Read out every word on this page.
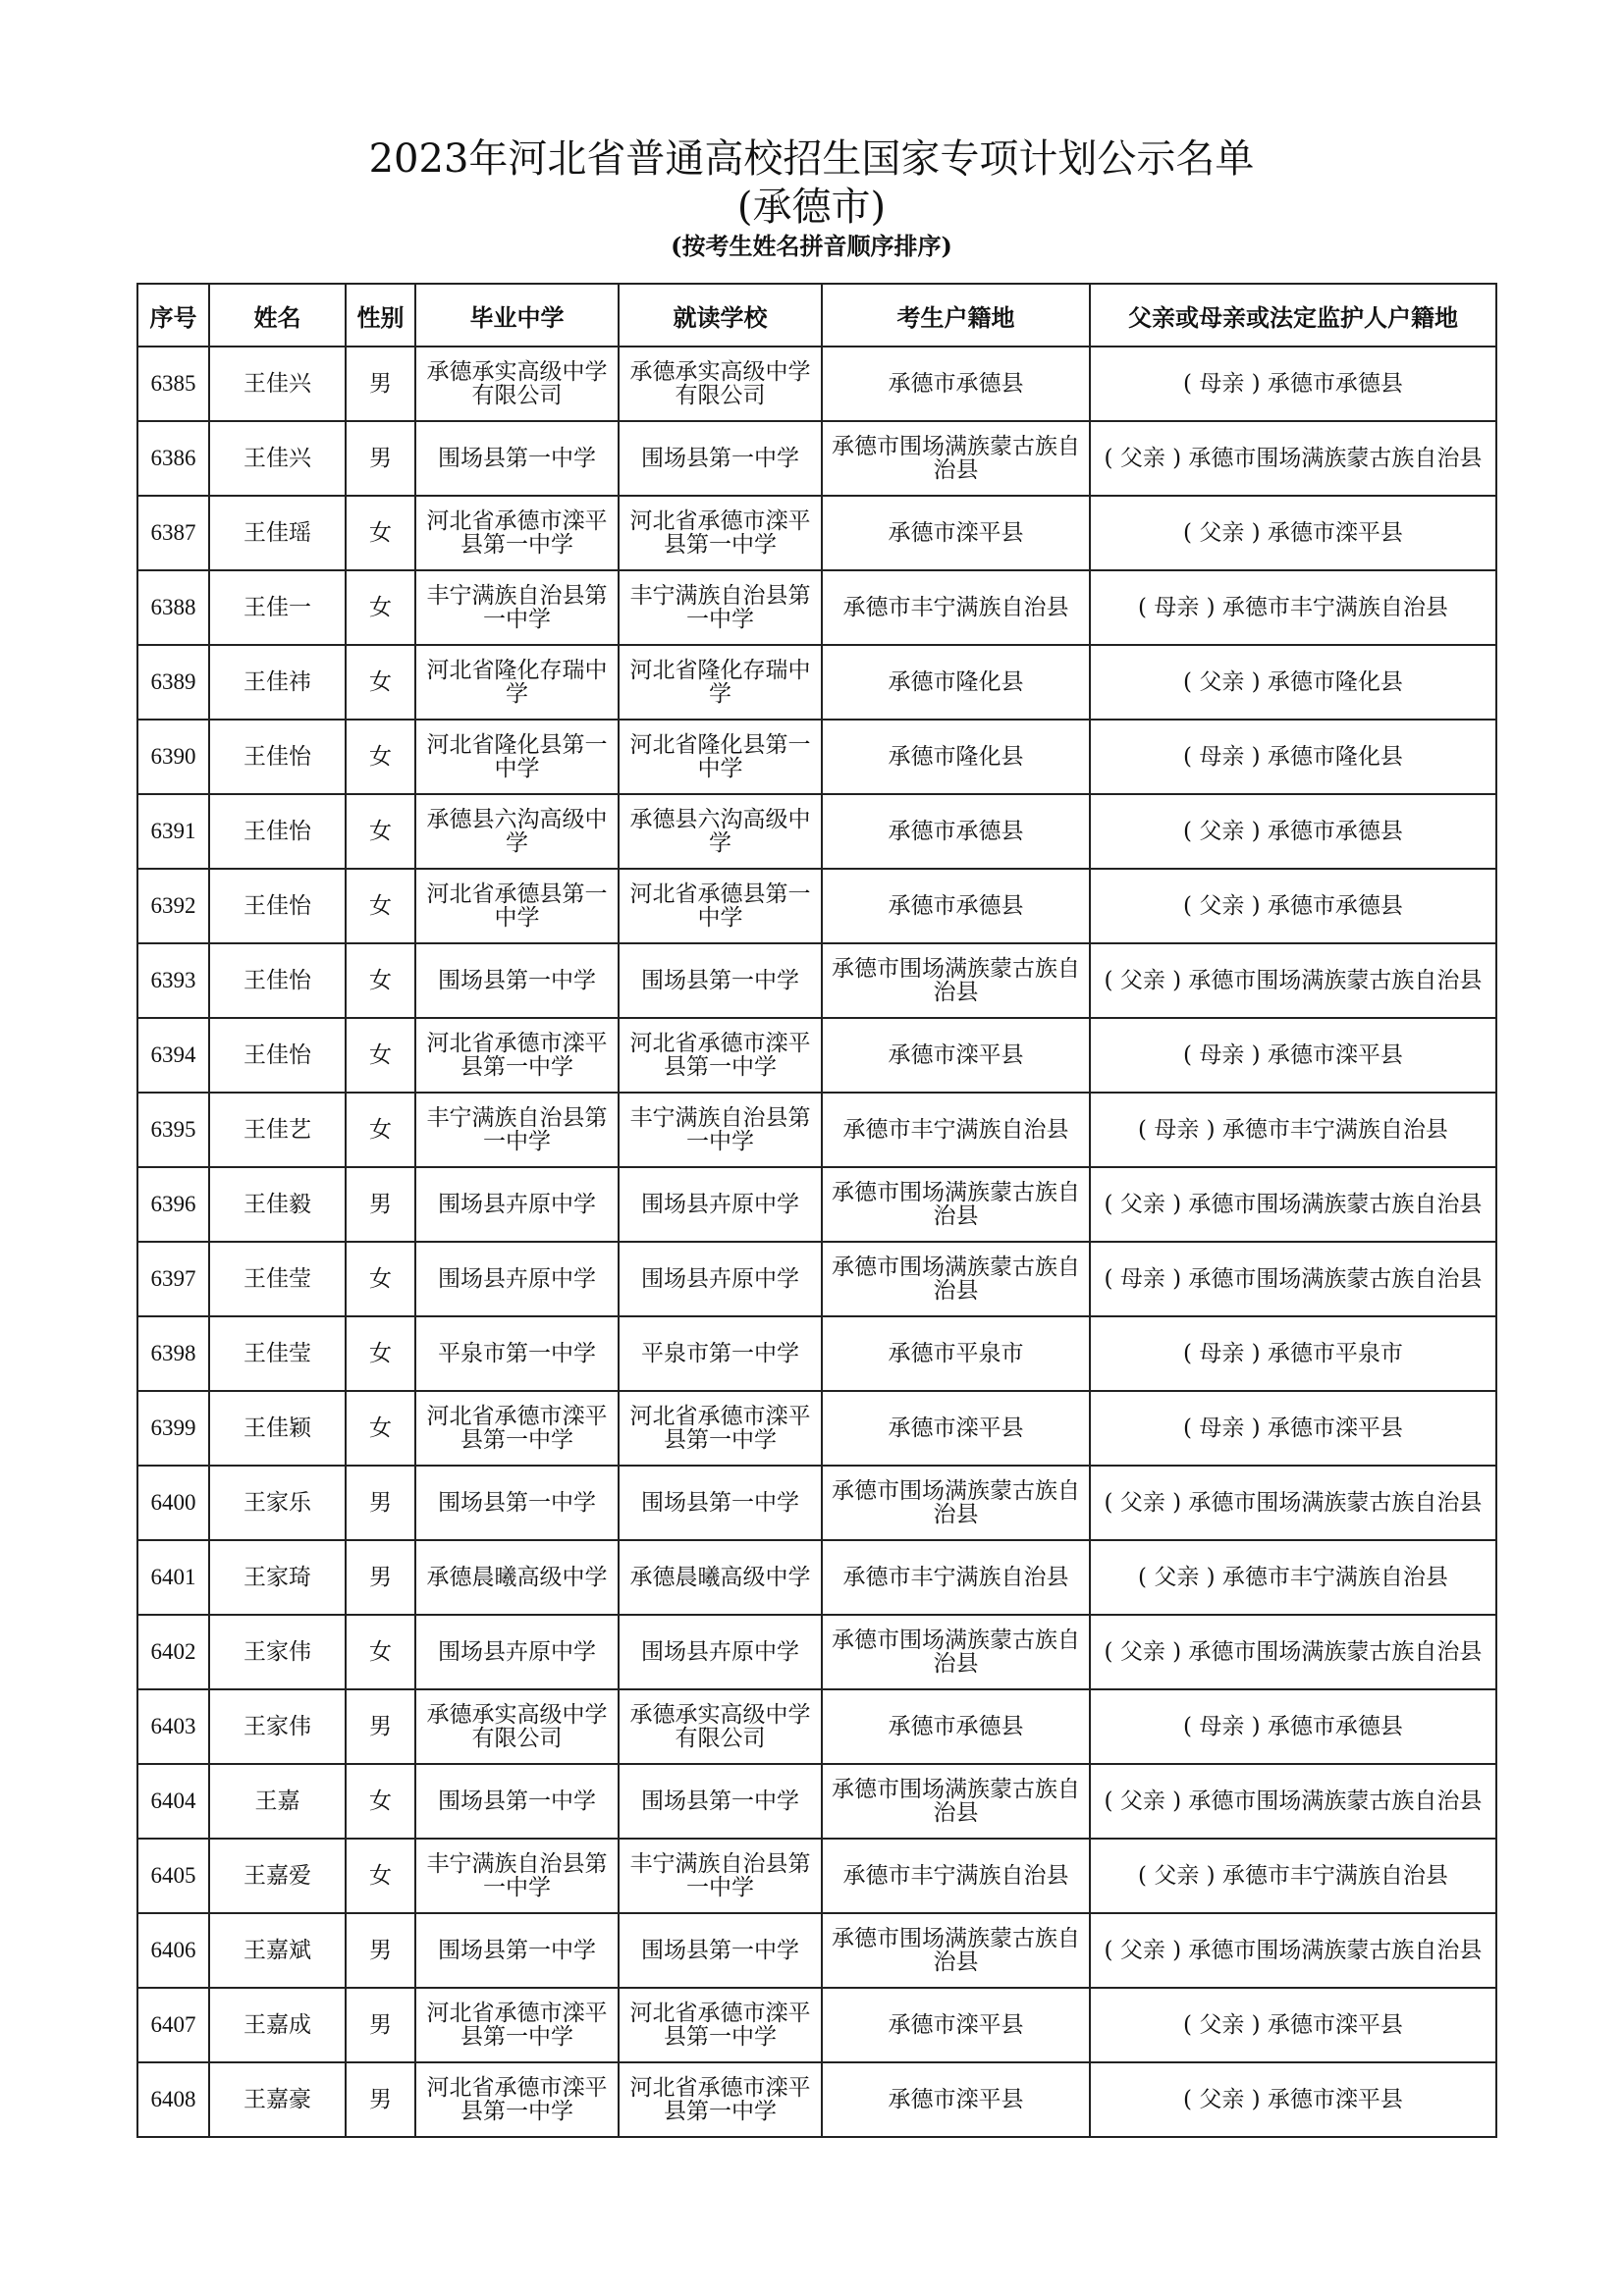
2023年河北省普通高校招生国家专项计划公示名单
(承德市)
(按考生姓名拼音顺序排序)
序号	姓名	性别	毕业中学	就读学校	考生户籍地	父亲或母亲或法定监护人户籍地
6385	王佳兴	男	承德承实高级中学有限公司	承德承实高级中学有限公司	承德市承德县	( 母亲 ) 承德市承德县
6386	王佳兴	男	围场县第一中学	围场县第一中学	承德市围场满族蒙古族自治县	( 父亲 ) 承德市围场满族蒙古族自治县
6387	王佳瑶	女	河北省承德市滦平县第一中学	河北省承德市滦平县第一中学	承德市滦平县	( 父亲 ) 承德市滦平县
6388	王佳一	女	丰宁满族自治县第一中学	丰宁满族自治县第一中学	承德市丰宁满族自治县	( 母亲 ) 承德市丰宁满族自治县
6389	王佳祎	女	河北省隆化存瑞中学	河北省隆化存瑞中学	承德市隆化县	( 父亲 ) 承德市隆化县
6390	王佳怡	女	河北省隆化县第一中学	河北省隆化县第一中学	承德市隆化县	( 母亲 ) 承德市隆化县
6391	王佳怡	女	承德县六沟高级中学	承德县六沟高级中学	承德市承德县	( 父亲 ) 承德市承德县
6392	王佳怡	女	河北省承德县第一中学	河北省承德县第一中学	承德市承德县	( 父亲 ) 承德市承德县
6393	王佳怡	女	围场县第一中学	围场县第一中学	承德市围场满族蒙古族自治县	( 父亲 ) 承德市围场满族蒙古族自治县
6394	王佳怡	女	河北省承德市滦平县第一中学	河北省承德市滦平县第一中学	承德市滦平县	( 母亲 ) 承德市滦平县
6395	王佳艺	女	丰宁满族自治县第一中学	丰宁满族自治县第一中学	承德市丰宁满族自治县	( 母亲 ) 承德市丰宁满族自治县
6396	王佳毅	男	围场县卉原中学	围场县卉原中学	承德市围场满族蒙古族自治县	( 父亲 ) 承德市围场满族蒙古族自治县
6397	王佳莹	女	围场县卉原中学	围场县卉原中学	承德市围场满族蒙古族自治县	( 母亲 ) 承德市围场满族蒙古族自治县
6398	王佳莹	女	平泉市第一中学	平泉市第一中学	承德市平泉市	( 母亲 ) 承德市平泉市
6399	王佳颖	女	河北省承德市滦平县第一中学	河北省承德市滦平县第一中学	承德市滦平县	( 母亲 ) 承德市滦平县
6400	王家乐	男	围场县第一中学	围场县第一中学	承德市围场满族蒙古族自治县	( 父亲 ) 承德市围场满族蒙古族自治县
6401	王家琦	男	承德晨曦高级中学	承德晨曦高级中学	承德市丰宁满族自治县	( 父亲 ) 承德市丰宁满族自治县
6402	王家伟	女	围场县卉原中学	围场县卉原中学	承德市围场满族蒙古族自治县	( 父亲 ) 承德市围场满族蒙古族自治县
6403	王家伟	男	承德承实高级中学有限公司	承德承实高级中学有限公司	承德市承德县	( 母亲 ) 承德市承德县
6404	王嘉	女	围场县第一中学	围场县第一中学	承德市围场满族蒙古族自治县	( 父亲 ) 承德市围场满族蒙古族自治县
6405	王嘉爱	女	丰宁满族自治县第一中学	丰宁满族自治县第一中学	承德市丰宁满族自治县	( 父亲 ) 承德市丰宁满族自治县
6406	王嘉斌	男	围场县第一中学	围场县第一中学	承德市围场满族蒙古族自治县	( 父亲 ) 承德市围场满族蒙古族自治县
6407	王嘉成	男	河北省承德市滦平县第一中学	河北省承德市滦平县第一中学	承德市滦平县	( 父亲 ) 承德市滦平县
6408	王嘉豪	男	河北省承德市滦平县第一中学	河北省承德市滦平县第一中学	承德市滦平县	( 父亲 ) 承德市滦平县
